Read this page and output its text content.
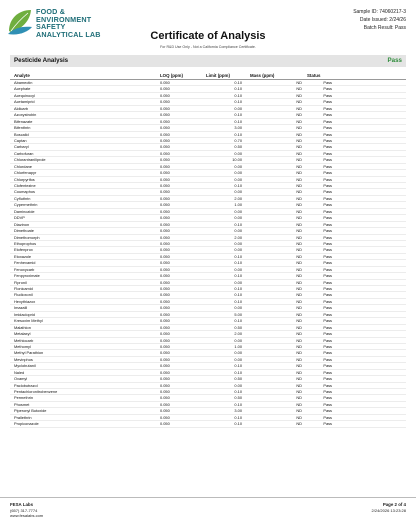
FOOD &
ENVIRONMENT
SAFETY
ANALYTICAL LAB
Sample ID: 74060217-3
Date Issued: 2/24/26
Batch Result: Pass
Certificate of Analysis
For R&D Use Only - Not a California Compliance Certificate.
Pesticide Analysis	Pass
Analyte	LOQ (ppm)	Limit (ppm)	Mass (ppm)	Status
Abamectin	0.050	0.10	ND	Pass
Acephate	0.050	0.10	ND	Pass
Acequinocyl	0.050	0.10	ND	Pass
Acetamiprid	0.050	0.10	ND	Pass
Aldicarb	0.050	0.00	ND	Pass
Azoxystrobin	0.050	0.10	ND	Pass
Bifenazate	0.050	0.10	ND	Pass
Bifenthrin	0.050	3.00	ND	Pass
Boscalid	0.050	0.10	ND	Pass
Captan	0.050	0.70	ND	Pass
Carbaryl	0.050	0.50	ND	Pass
Carbofuran	0.050	0.00	ND	Pass
Chlorantraniliprole	0.050	10.00	ND	Pass
Chlordane	0.050	0.00	ND	Pass
Chlorfenapyr	0.050	0.00	ND	Pass
Chlorpyrifos	0.050	0.00	ND	Pass
Clofentezine	0.050	0.10	ND	Pass
Coumaphos	0.050	0.00	ND	Pass
Cyfluthrin	0.050	2.00	ND	Pass
Cypermethrin	0.050	1.00	ND	Pass
Daminozide	0.050	0.00	ND	Pass
DDVP	0.050	0.00	ND	Pass
Diazinon	0.050	0.10	ND	Pass
Dimethoate	0.050	0.00	ND	Pass
Dimethomorph	0.050	2.00	ND	Pass
Ethoprophos	0.050	0.00	ND	Pass
Etofenprox	0.050	0.00	ND	Pass
Etoxazole	0.050	0.10	ND	Pass
Fenhexamid	0.050	0.10	ND	Pass
Fenoxycarb	0.050	0.00	ND	Pass
Fenpyroximate	0.050	0.10	ND	Pass
Fipronil	0.050	0.00	ND	Pass
Flonicamid	0.050	0.10	ND	Pass
Fludioxonil	0.050	0.10	ND	Pass
Hexythiazox	0.050	0.10	ND	Pass
Imazalil	0.050	0.00	ND	Pass
Imidacloprid	0.050	5.00	ND	Pass
Kresoxim Methyl	0.050	0.10	ND	Pass
Malathion	0.050	0.50	ND	Pass
Metalaxyl	0.050	2.00	ND	Pass
Methiocarb	0.050	0.00	ND	Pass
Methomyl	0.050	1.00	ND	Pass
Methyl Parathion	0.050	0.00	ND	Pass
Mevinphos	0.050	0.00	ND	Pass
Myclobutanil	0.050	0.10	ND	Pass
Naled	0.050	0.10	ND	Pass
Oxamyl	0.050	0.50	ND	Pass
Paclobutrazol	0.050	0.00	ND	Pass
Pentachloronitrobenzene	0.050	0.10	ND	Pass
Permethrin	0.050	0.50	ND	Pass
Phosmet	0.050	0.10	ND	Pass
Piperonyl Butoxide	0.050	3.00	ND	Pass
Prallethrin	0.050	0.10	ND	Pass
Propiconazole	0.050	0.10	ND	Pass
FESA Labs
(657) 317-7774
www.fesalabs.com
Page 2 of 4
2/24/2026 13:23:28
